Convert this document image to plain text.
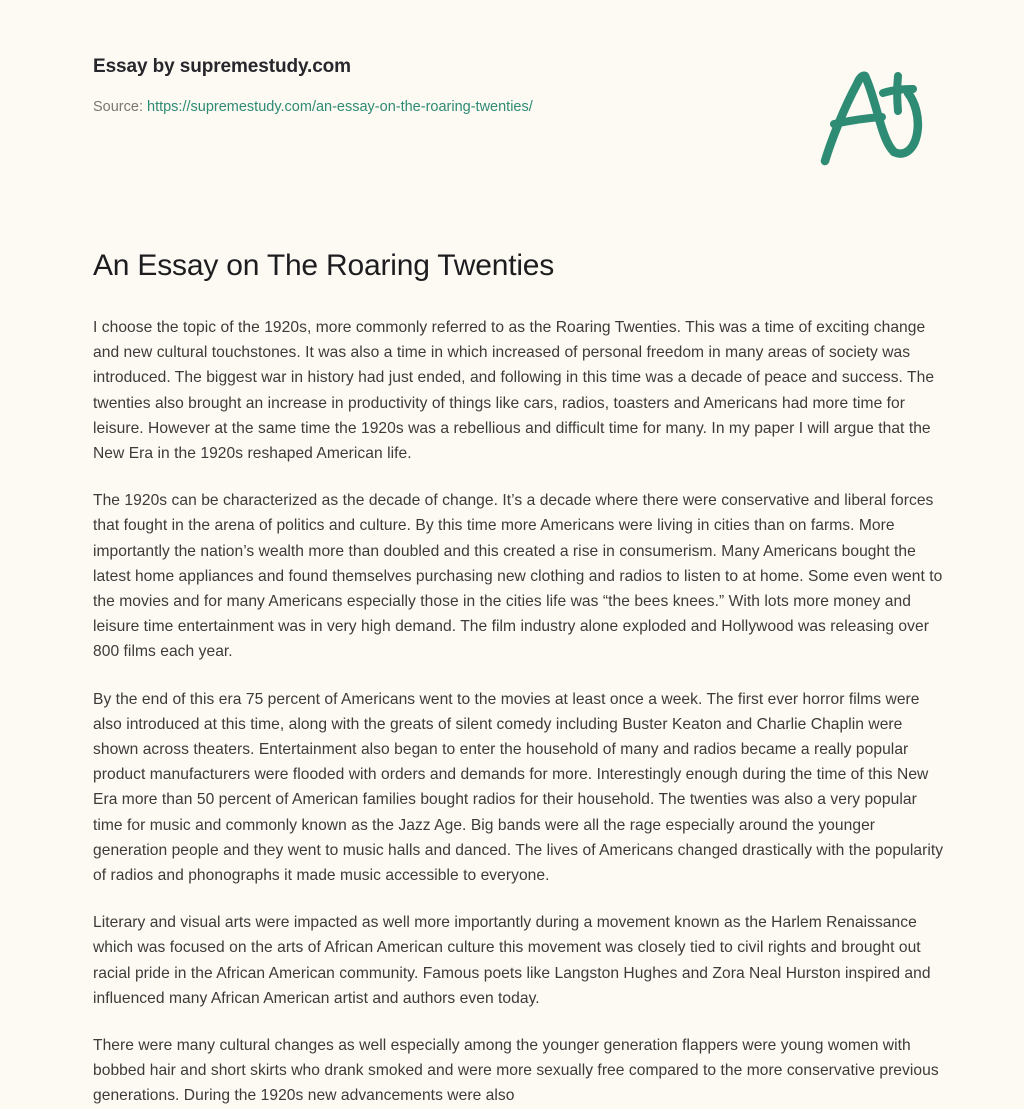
Essay by supremestudy.com
Source: https://supremestudy.com/an-essay-on-the-roaring-twenties/
An Essay on The Roaring Twenties

I choose the topic of the 1920s, more commonly referred to as the Roaring Twenties. This was a time of exciting change and new cultural touchstones. It was also a time in which increased of personal freedom in many areas of society was introduced. The biggest war in history had just ended, and following in this time was a decade of peace and success. The twenties also brought an increase in productivity of things like cars, radios, toasters and Americans had more time for leisure. However at the same time the 1920s was a rebellious and difficult time for many. In my paper I will argue that the New Era in the 1920s reshaped American life.

The 1920s can be characterized as the decade of change. It’s a decade where there were conservative and liberal forces that fought in the arena of politics and culture. By this time more Americans were living in cities than on farms. More importantly the nation’s wealth more than doubled and this created a rise in consumerism. Many Americans bought the latest home appliances and found themselves purchasing new clothing and radios to listen to at home. Some even went to the movies and for many Americans especially those in the cities life was “the bees knees.” With lots more money and leisure time entertainment was in very high demand. The film industry alone exploded and Hollywood was releasing over 800 films each year.

By the end of this era 75 percent of Americans went to the movies at least once a week. The first ever horror films were also introduced at this time, along with the greats of silent comedy including Buster Keaton and Charlie Chaplin were shown across theaters. Entertainment also began to enter the household of many and radios became a really popular product manufacturers were flooded with orders and demands for more. Interestingly enough during the time of this New Era more than 50 percent of American families bought radios for their household. The twenties was also a very popular time for music and commonly known as the Jazz Age. Big bands were all the rage especially around the younger generation people and they went to music halls and danced. The lives of Americans changed drastically with the popularity of radios and phonographs it made music accessible to everyone.

Literary and visual arts were impacted as well more importantly during a movement known as the Harlem Renaissance which was focused on the arts of African American culture this movement was closely tied to civil rights and brought out racial pride in the African American community. Famous poets like Langston Hughes and Zora Neal Hurston inspired and influenced many African American artist and authors even today.

There were many cultural changes as well especially among the younger generation flappers were young women with bobbed hair and short skirts who drank smoked and were more sexually free compared to the more conservative previous generations. During the 1920s new advancements were also
